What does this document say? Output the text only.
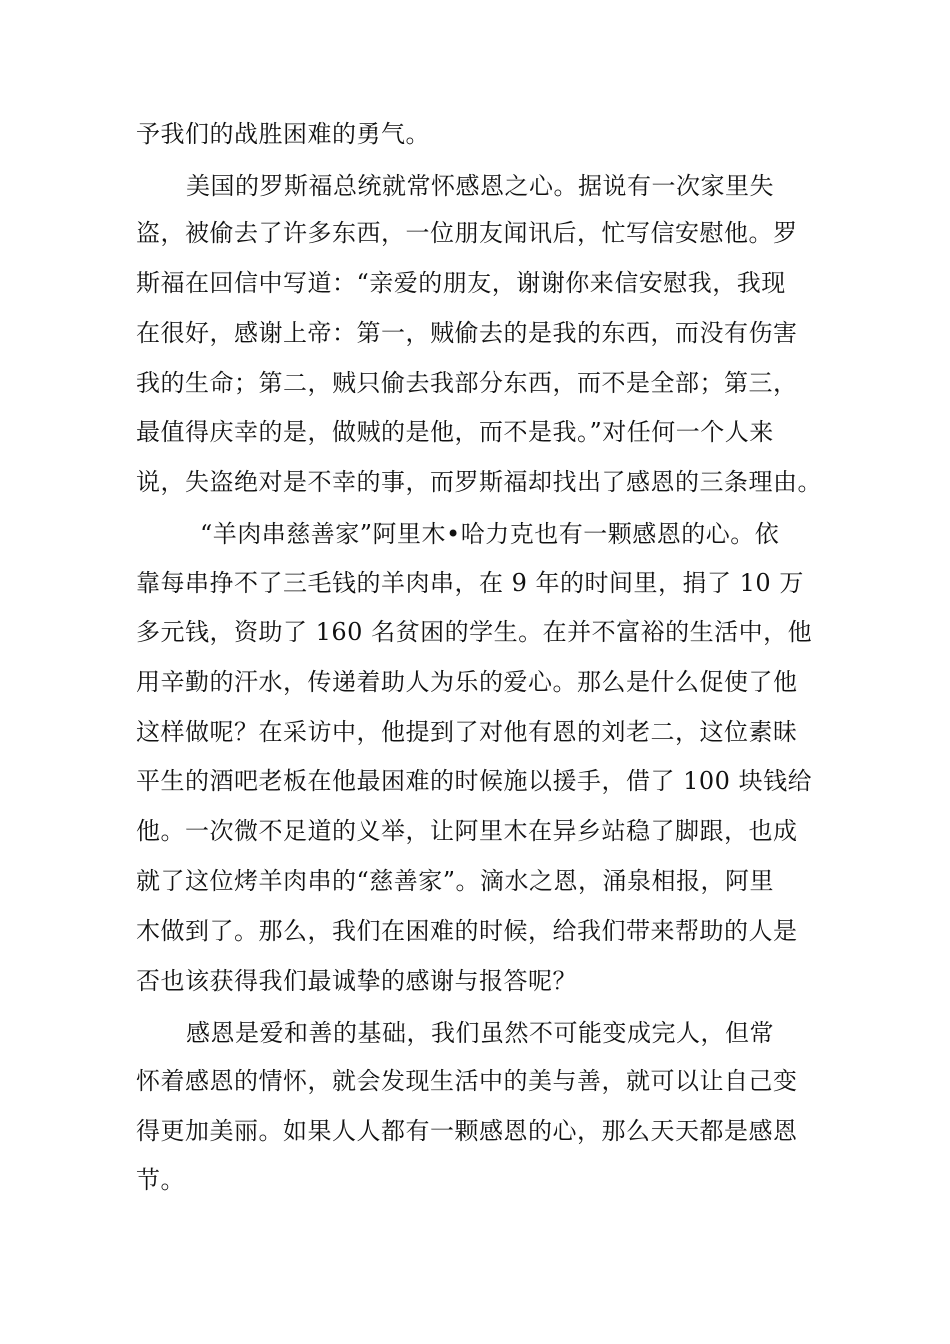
予我们的战胜困难的勇气。
美国的罗斯福总统就常怀感恩之心。据说有一次家里失
盗，被偷去了许多东西，一位朋友闻讯后，忙写信安慰他。罗
斯福在回信中写道：“亲爱的朋友，谢谢你来信安慰我，我现
在很好，感谢上帝：第一，贼偷去的是我的东西，而没有伤害
我的生命；第二，贼只偷去我部分东西，而不是全部；第三，
最值得庆幸的是，做贼的是他，而不是我。”对任何一个人来
说，失盗绝对是不幸的事，而罗斯福却找出了感恩的三条理由。
“羊肉串慈善家”阿里木•哈力克也有一颗感恩的心。依
靠每串挣不了三毛钱的羊肉串，在 9 年的时间里，捐了 10 万
多元钱，资助了 160 名贫困的学生。在并不富裕的生活中，他
用辛勤的汗水，传递着助人为乐的爱心。那么是什么促使了他
这样做呢？在采访中，他提到了对他有恩的刘老二，这位素昧
平生的酒吧老板在他最困难的时候施以援手，借了 100 块钱给
他。一次微不足道的义举，让阿里木在异乡站稳了脚跟，也成
就了这位烤羊肉串的“慈善家”。滴水之恩，涌泉相报，阿里
木做到了。那么，我们在困难的时候，给我们带来帮助的人是
否也该获得我们最诚挚的感谢与报答呢？
感恩是爱和善的基础，我们虽然不可能变成完人，但常
怀着感恩的情怀，就会发现生活中的美与善，就可以让自己变
得更加美丽。如果人人都有一颗感恩的心，那么天天都是感恩
节。
